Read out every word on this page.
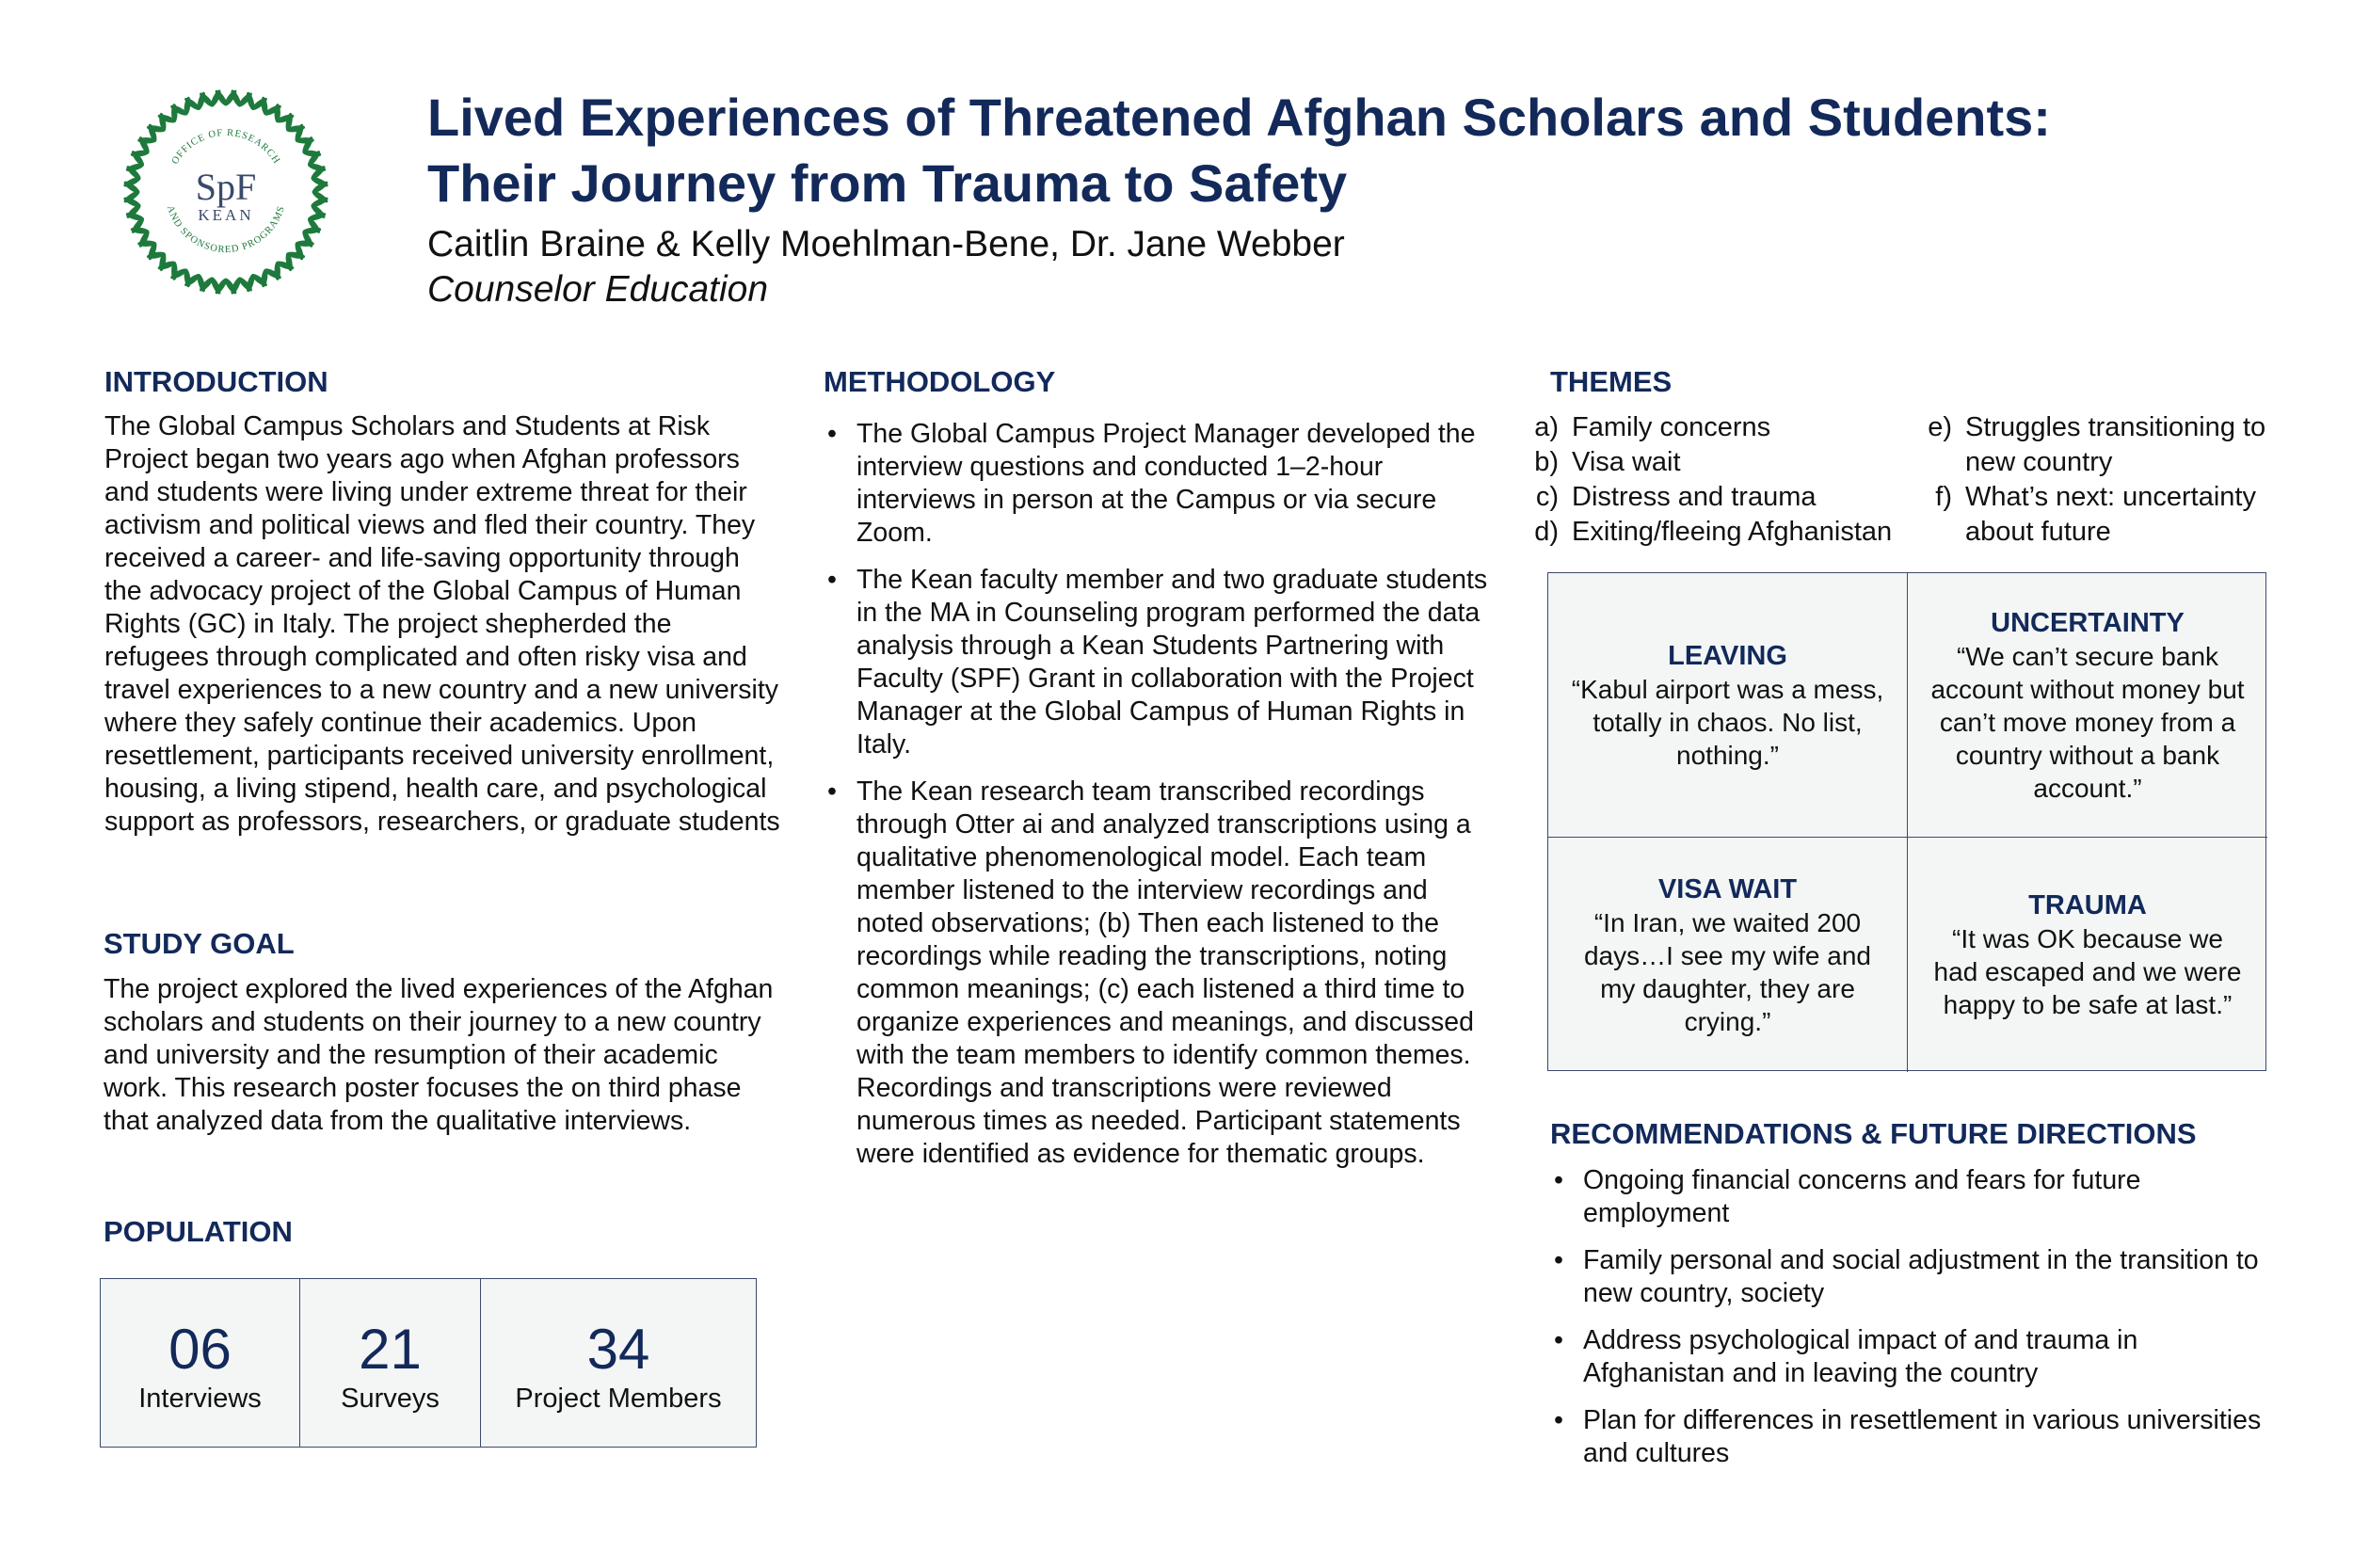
OFFICE OF RESEARCH
AND SPONSORED PROGRAMS
SpF
KEAN
Lived Experiences of Threatened Afghan Scholars and Students:
Their Journey from Trauma to Safety
Caitlin Braine & Kelly Moehlman-Bene, Dr. Jane Webber
Counselor Education
INTRODUCTION

The Global Campus Scholars and Students at Risk Project began two years ago when Afghan professors and students were living under extreme threat for their activism and political views and fled their country. They received a career- and life-saving opportunity through the advocacy project of the Global Campus of Human Rights (GC) in Italy. The project shepherded the refugees through complicated and often risky visa and travel experiences to a new country and a new university where they safely continue their academics. Upon resettlement, participants received university enrollment, housing, a living stipend, health care, and psychological support as professors, researchers, or graduate students

STUDY GOAL

The project explored the lived experiences of the Afghan scholars and students on their journey to a new country and university and the resumption of their academic work. This research poster focuses the on third phase that analyzed data from the qualitative interviews.

POPULATION
06
Interviews
21
Surveys
34
Project Members
METHODOLOGY
• The Global Campus Project Manager developed the interview questions and conducted 1–2-hour interviews in person at the Campus or via secure Zoom.
• The Kean faculty member and two graduate students in the MA in Counseling program performed the data analysis through a Kean Students Partnering with Faculty (SPF) Grant in collaboration with the Project Manager at the Global Campus of Human Rights in Italy.
• The Kean research team transcribed recordings through Otter ai and analyzed transcriptions using a qualitative phenomenological model. Each team member listened to the interview recordings and noted observations; (b) Then each listened to the recordings while reading the transcriptions, noting common meanings; (c) each listened a third time to organize experiences and meanings, and discussed with the team members to identify common themes. Recordings and transcriptions were reviewed numerous times as needed. Participant statements were identified as evidence for thematic groups.
THEMES
a) Family concerns
b) Visa wait
c) Distress and trauma
d) Exiting/fleeing Afghanistan
e) Struggles transitioning to new country
f) What’s next: uncertainty about future
LEAVING
“Kabul airport was a mess, totally in chaos. No list, nothing.”
UNCERTAINTY
“We can’t secure bank account without money but can’t move money from a country without a bank account.”
VISA WAIT
“In Iran, we waited 200 days…I see my wife and my daughter, they are crying.”
TRAUMA
“It was OK because we had escaped and we were happy to be safe at last.”
RECOMMENDATIONS & FUTURE DIRECTIONS
• Ongoing financial concerns and fears for future employment
• Family personal and social adjustment in the transition to new country, society
• Address psychological impact of and trauma in Afghanistan and in leaving the country
• Plan for differences in resettlement in various universities and cultures
